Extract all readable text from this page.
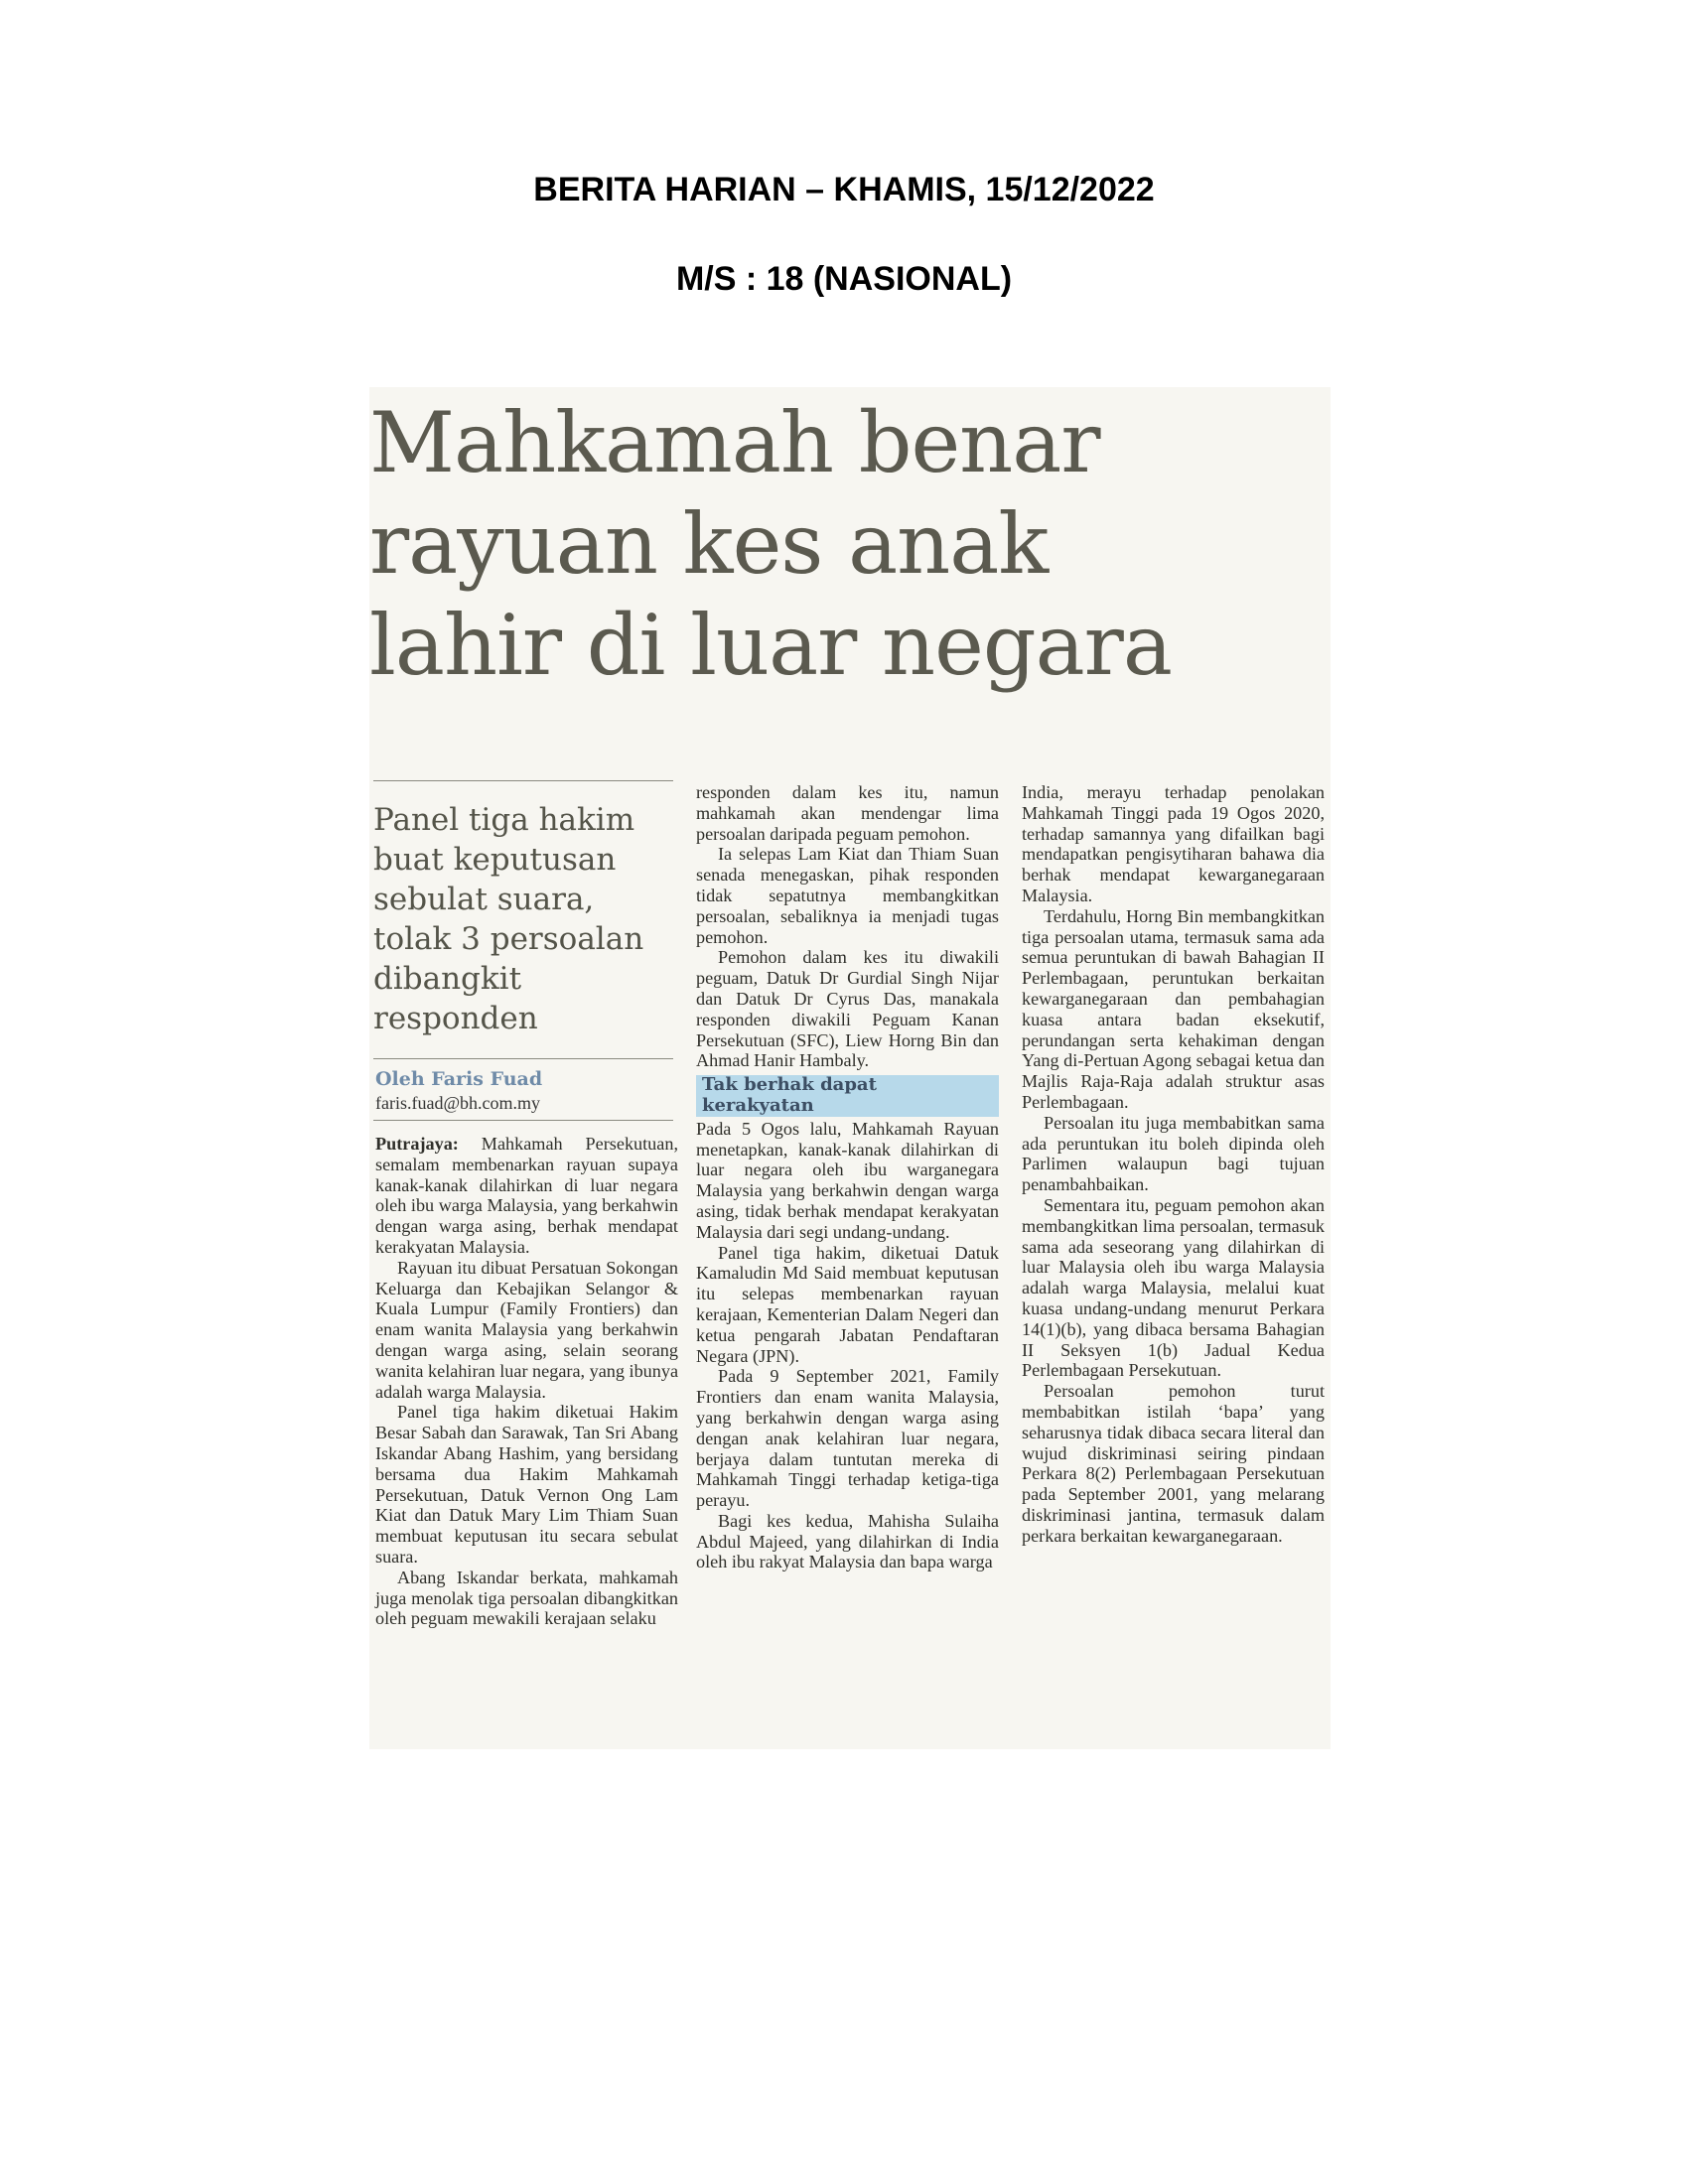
BERITA HARIAN – KHAMIS, 15/12/2022
M/S : 18 (NASIONAL)
Mahkamah benar
rayuan kes anak
lahir di luar negara
Panel tiga hakim
buat keputusan
sebulat suara,
tolak 3 persoalan
dibangkit
responden
Oleh Faris Fuad
faris.fuad@bh.com.my

Putrajaya: Mahkamah Persekutuan, semalam membenarkan rayuan supaya kanak-kanak dilahirkan di luar negara oleh ibu warga Malaysia, yang berkahwin dengan warga asing, berhak mendapat kerakyatan Malaysia.

Rayuan itu dibuat Persatuan Sokongan Keluarga dan Kebajikan Selangor & Kuala Lumpur (Family Frontiers) dan enam wanita Malaysia yang berkahwin dengan warga asing, selain seorang wanita kelahiran luar negara, yang ibunya adalah warga Malaysia.

Panel tiga hakim diketuai Hakim Besar Sabah dan Sarawak, Tan Sri Abang Iskandar Abang Hashim, yang bersidang bersama dua Hakim Mahkamah Persekutuan, Datuk Vernon Ong Lam Kiat dan Datuk Mary Lim Thiam Suan membuat keputusan itu secara sebulat suara.

Abang Iskandar berkata, mahkamah juga menolak tiga persoalan dibangkitkan oleh peguam mewakili kerajaan selaku

responden dalam kes itu, namun mahkamah akan mendengar lima persoalan daripada peguam pemohon.

Ia selepas Lam Kiat dan Thiam Suan senada menegaskan, pihak responden tidak sepatutnya membangkitkan persoalan, sebaliknya ia menjadi tugas pemohon.

Pemohon dalam kes itu diwakili peguam, Datuk Dr Gurdial Singh Nijar dan Datuk Dr Cyrus Das, manakala responden diwakili Peguam Kanan Persekutuan (SFC), Liew Horng Bin dan Ahmad Hanir Hambaly.

Tak berhak dapat kerakyatan

Pada 5 Ogos lalu, Mahkamah Rayuan menetapkan, kanak-kanak dilahirkan di luar negara oleh ibu warganegara Malaysia yang berkahwin dengan warga asing, tidak berhak mendapat kerakyatan Malaysia dari segi undang-undang.

Panel tiga hakim, diketuai Datuk Kamaludin Md Said membuat keputusan itu selepas membenarkan rayuan kerajaan, Kementerian Dalam Negeri dan ketua pengarah Jabatan Pendaftaran Negara (JPN).

Pada 9 September 2021, Family Frontiers dan enam wanita Malaysia, yang berkahwin dengan warga asing dengan anak kelahiran luar negara, berjaya dalam tuntutan mereka di Mahkamah Tinggi terhadap ketiga-tiga perayu.

Bagi kes kedua, Mahisha Sulaiha Abdul Majeed, yang dilahirkan di India oleh ibu rakyat Malaysia dan bapa warga

India, merayu terhadap penolakan Mahkamah Tinggi pada 19 Ogos 2020, terhadap samannya yang difailkan bagi mendapatkan pengisytiharan bahawa dia berhak mendapat kewarganegaraan Malaysia.

Terdahulu, Horng Bin membangkitkan tiga persoalan utama, termasuk sama ada semua peruntukan di bawah Bahagian II Perlembagaan, peruntukan berkaitan kewarganegaraan dan pembahagian kuasa antara badan eksekutif, perundangan serta kehakiman dengan Yang di-Pertuan Agong sebagai ketua dan Majlis Raja-Raja adalah struktur asas Perlembagaan.

Persoalan itu juga membabitkan sama ada peruntukan itu boleh dipinda oleh Parlimen walaupun bagi tujuan penambahbaikan.

Sementara itu, peguam pemohon akan membangkitkan lima persoalan, termasuk sama ada seseorang yang dilahirkan di luar Malaysia oleh ibu warga Malaysia adalah warga Malaysia, melalui kuat kuasa undang-undang menurut Perkara 14(1)(b), yang dibaca bersama Bahagian II Seksyen 1(b) Jadual Kedua Perlembagaan Persekutuan.

Persoalan pemohon turut membabitkan istilah ‘bapa’ yang seharusnya tidak dibaca secara literal dan wujud diskriminasi seiring pindaan Perkara 8(2) Perlembagaan Persekutuan pada September 2001, yang melarang diskriminasi jantina, termasuk dalam perkara berkaitan kewarganegaraan.
